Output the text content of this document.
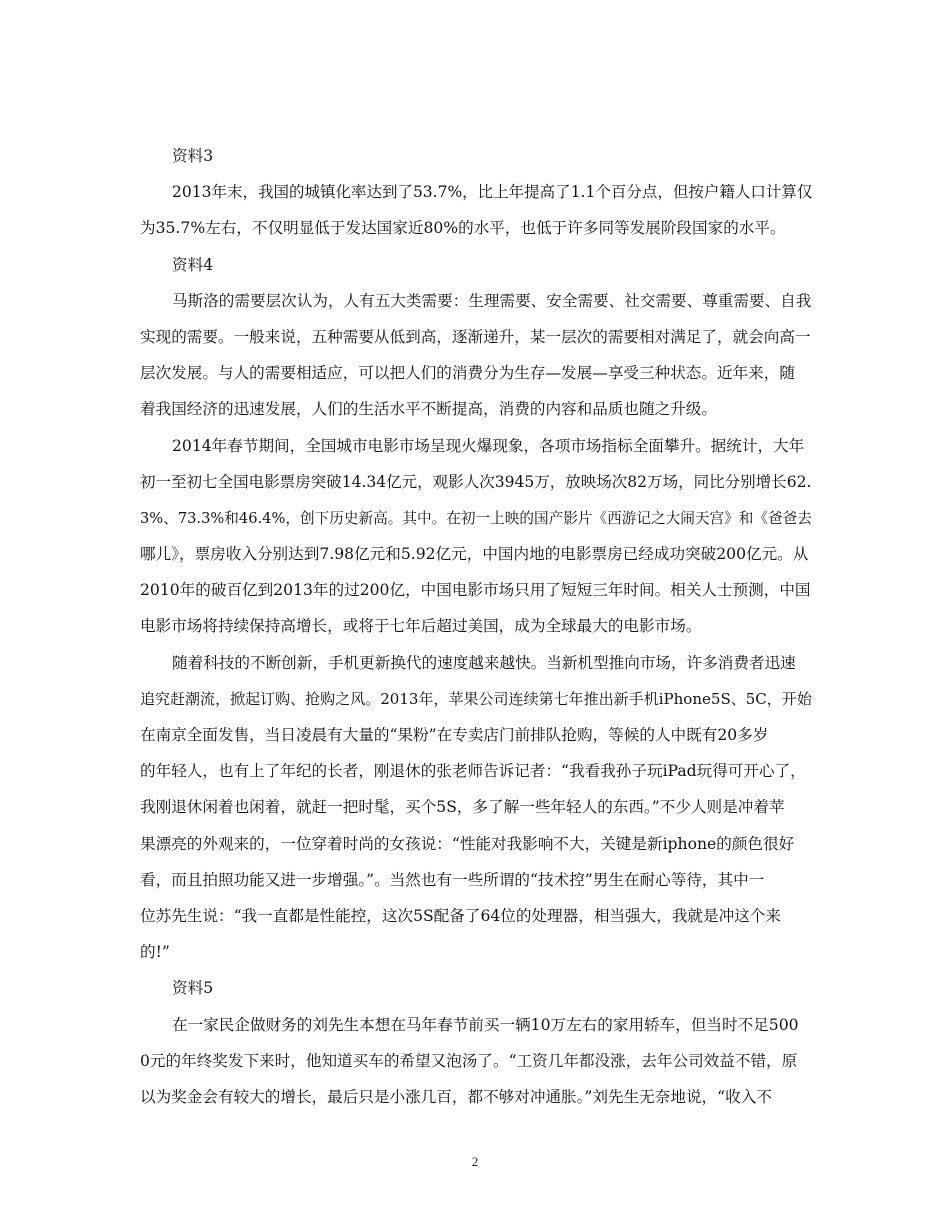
资料3
2013年末，我国的城镇化率达到了53.7%，比上年提高了1.1个百分点，但按户籍人口计算仅
为35.7%左右，不仅明显低于发达国家近80%的水平，也低于许多同等发展阶段国家的水平。
资料4
马斯洛的需要层次认为，人有五大类需要：生理需要、安全需要、社交需要、尊重需要、自我
实现的需要。一般来说，五种需要从低到高，逐渐递升，某一层次的需要相对满足了，就会向高一
层次发展。与人的需要相适应，可以把人们的消费分为生存—发展—享受三种状态。近年来，随
着我国经济的迅速发展，人们的生活水平不断提高，消费的内容和品质也随之升级。
2014年春节期间，全国城市电影市场呈现火爆现象，各项市场指标全面攀升。据统计，大年
初一至初七全国电影票房突破14.34亿元，观影人次3945万，放映场次82万场，同比分别增长62.
3%、73.3%和46.4%，创下历史新高。其中。在初一上映的国产影片《西游记之大闹天宫》和《爸爸去
哪儿》，票房收入分别达到7.98亿元和5.92亿元，中国内地的电影票房已经成功突破200亿元。从
2010年的破百亿到2013年的过200亿，中国电影市场只用了短短三年时间。相关人士预测，中国
电影市场将持续保持高增长，或将于七年后超过美国，成为全球最大的电影市场。
随着科技的不断创新，手机更新换代的速度越来越快。当新机型推向市场，许多消费者迅速
追究赶潮流，掀起订购、抢购之风。2013年，苹果公司连续第七年推出新手机iPhone5S、5C，开始
在南京全面发售，当日凌晨有大量的“果粉”在专卖店门前排队抢购，等候的人中既有20多岁
的年轻人，也有上了年纪的长者，刚退休的张老师告诉记者：“我看我孙子玩iPad玩得可开心了，
我刚退休闲着也闲着，就赶一把时髦，买个5S，多了解一些年轻人的东西。”不少人则是冲着苹
果漂亮的外观来的，一位穿着时尚的女孩说：“性能对我影响不大，关键是新iphone的颜色很好
看，而且拍照功能又进一步增强。”。当然也有一些所谓的“技术控”男生在耐心等待，其中一
位苏先生说：“我一直都是性能控，这次5S配备了64位的处理器，相当强大，我就是冲这个来
的!”
资料5
在一家民企做财务的刘先生本想在马年春节前买一辆10万左右的家用轿车，但当时不足500
0元的年终奖发下来时，他知道买车的希望又泡汤了。“工资几年都没涨，去年公司效益不错，原
以为奖金会有较大的增长，最后只是小涨几百，都不够对冲通胀。”刘先生无奈地说，“收入不
2
